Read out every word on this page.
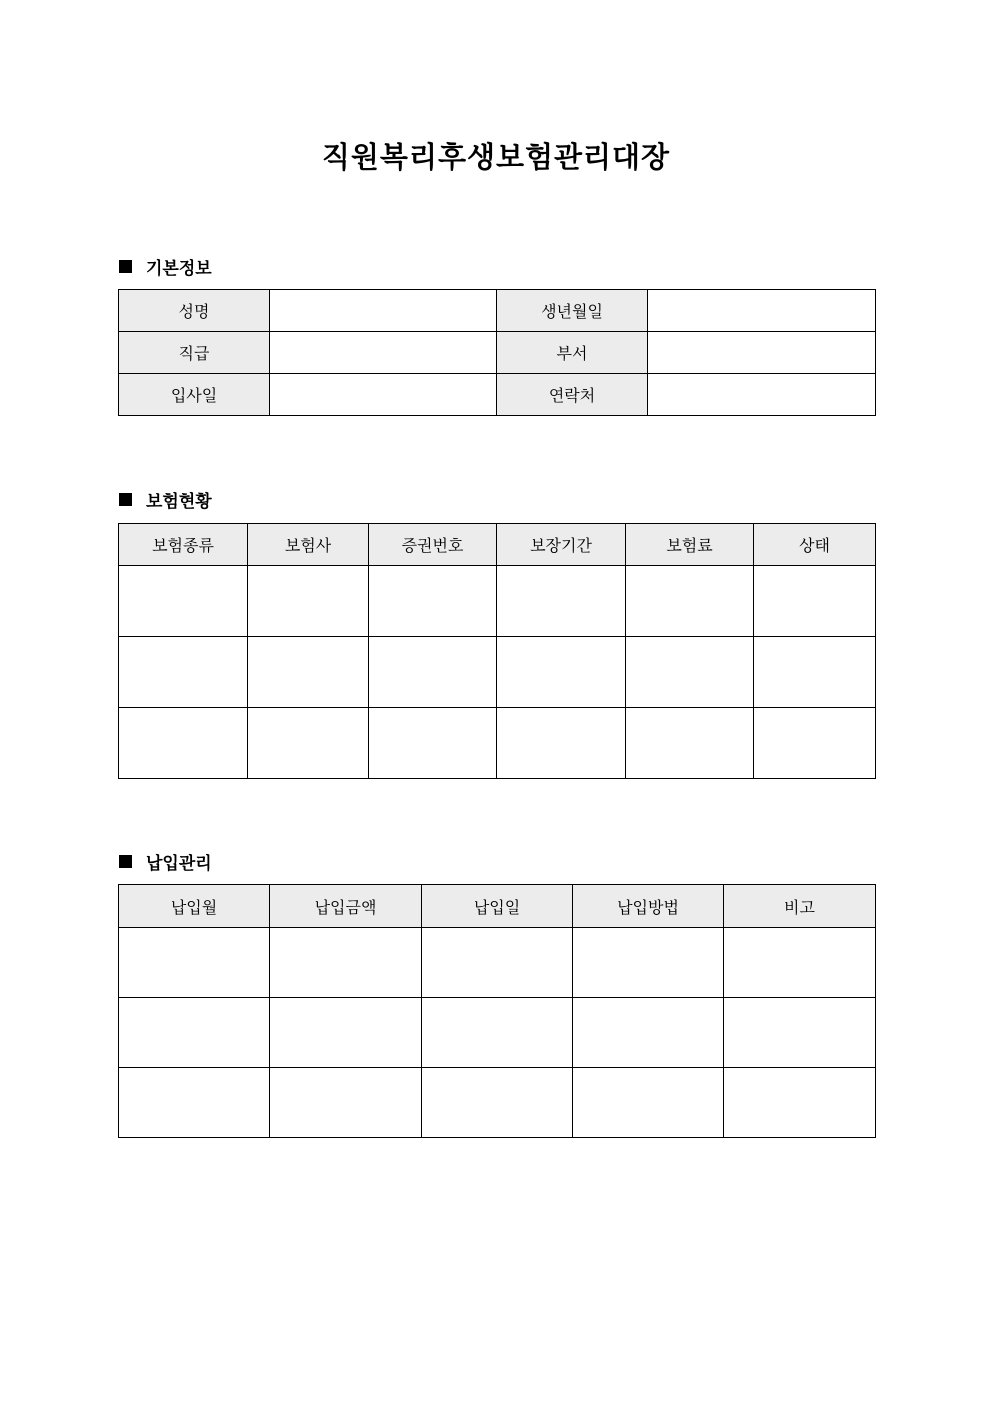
직원복리후생보험관리대장
기본정보
성명		생년월일	
직급		부서	
입사일		연락처	
보험현황
보험종류	보험사	증권번호	보장기간	보험료	상태

납입관리
납입월	납입금액	납입일	납입방법	비고
